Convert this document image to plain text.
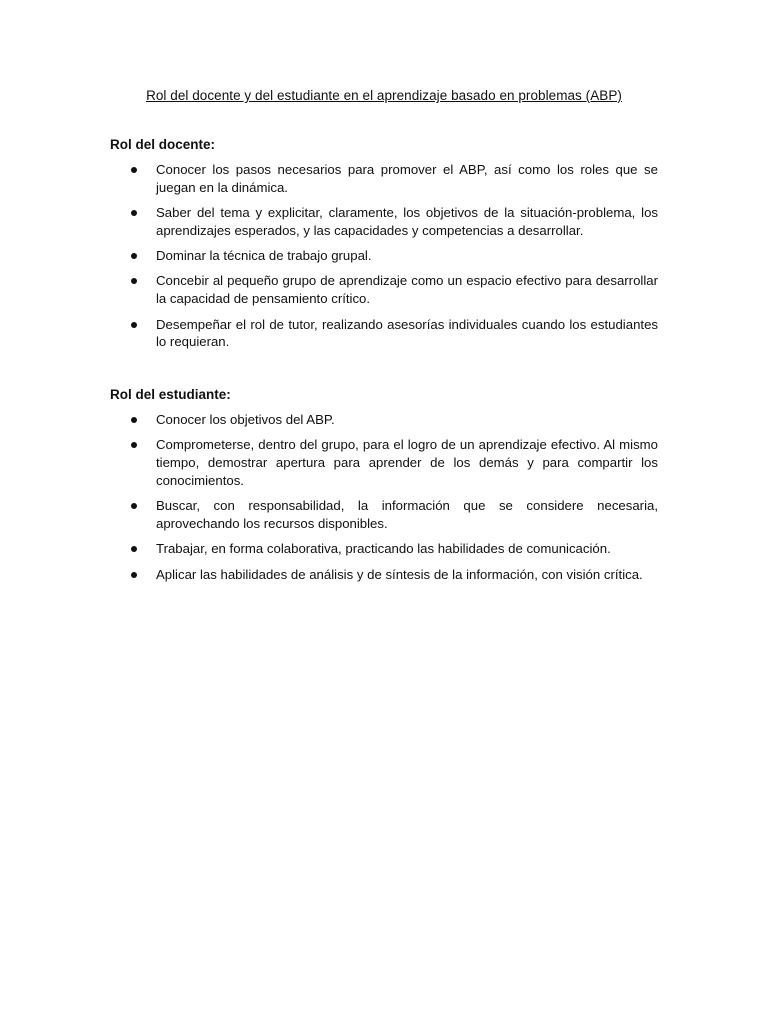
Rol del docente y del estudiante en el aprendizaje basado en problemas (ABP)
Rol del docente:
Conocer los pasos necesarios para promover el ABP, así como los roles que se juegan en la dinámica.
Saber del tema y explicitar, claramente, los objetivos de la situación-problema, los aprendizajes esperados, y las capacidades y competencias a desarrollar.
Dominar la técnica de trabajo grupal.
Concebir al pequeño grupo de aprendizaje como un espacio efectivo para desarrollar la capacidad de pensamiento crítico.
Desempeñar el rol de tutor, realizando asesorías individuales cuando los estudiantes lo requieran.
Rol del estudiante:
Conocer los objetivos del ABP.
Comprometerse, dentro del grupo, para el logro de un aprendizaje efectivo. Al mismo tiempo, demostrar apertura para aprender de los demás y para compartir los conocimientos.
Buscar, con responsabilidad, la información que se considere necesaria, aprovechando los recursos disponibles.
Trabajar, en forma colaborativa, practicando las habilidades de comunicación.
Aplicar las habilidades de análisis y de síntesis de la información, con visión crítica.
